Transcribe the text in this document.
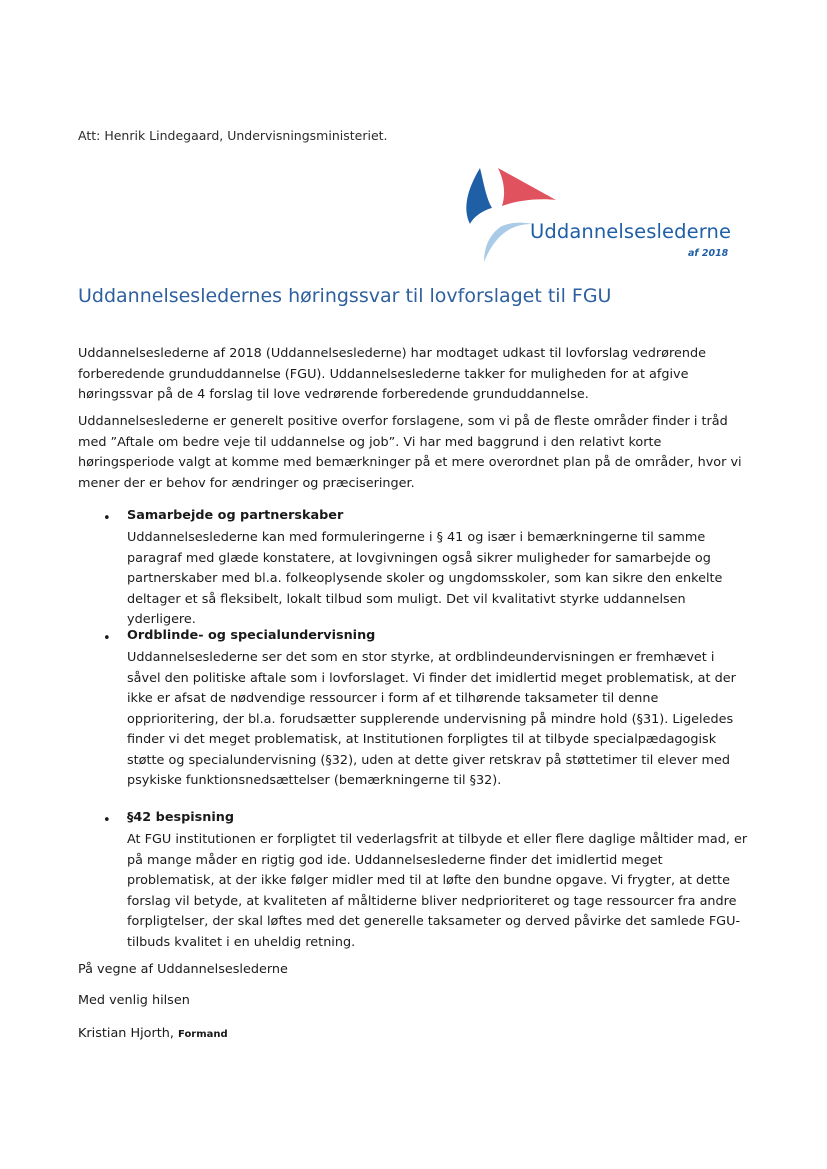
Att: Henrik Lindegaard, Undervisningsministeriet.
Uddannelseslederne
af 2018
Uddannelsesledernes høringssvar til lovforslaget til FGU

Uddannelseslederne af 2018 (Uddannelseslederne) har modtaget udkast til lovforslag vedrørende forberedende grunduddannelse (FGU). Uddannelseslederne takker for muligheden for at afgive høringssvar på de 4 forslag til love vedrørende forberedende grunduddannelse.

Uddannelseslederne er generelt positive overfor forslagene, som vi på de fleste områder finder i tråd med ”Aftale om bedre veje til uddannelse og job”. Vi har med baggrund i den relativt korte høringsperiode valgt at komme med bemærkninger på et mere overordnet plan på de områder, hvor vi mener der er behov for ændringer og præciseringer.

• Samarbejde og partnerskaber

Uddannelseslederne kan med formuleringerne i § 41 og især i bemærkningerne til samme paragraf med glæde konstatere, at lovgivningen også sikrer muligheder for samarbejde og partnerskaber med bl.a. folkeoplysende skoler og ungdomsskoler, som kan sikre den enkelte deltager et så fleksibelt, lokalt tilbud som muligt. Det vil kvalitativt styrke uddannelsen yderligere.

• Ordblinde- og specialundervisning

Uddannelseslederne ser det som en stor styrke, at ordblindeundervisningen er fremhævet i såvel den politiske aftale som i lovforslaget. Vi finder det imidlertid meget problematisk, at der ikke er afsat de nødvendige ressourcer i form af et tilhørende taksameter til denne opprioritering, der bl.a. forudsætter supplerende undervisning på mindre hold (§31). Ligeledes finder vi det meget problematisk, at Institutionen forpligtes til at tilbyde specialpædagogisk støtte og specialundervisning (§32), uden at dette giver retskrav på støttetimer til elever med psykiske funktionsnedsættelser (bemærkningerne til §32).

• §42 bespisning

At FGU institutionen er forpligtet til vederlagsfrit at tilbyde et eller flere daglige måltider mad, er på mange måder en rigtig god ide. Uddannelseslederne finder det imidlertid meget problematisk, at der ikke følger midler med til at løfte den bundne opgave. Vi frygter, at dette forslag vil betyde, at kvaliteten af måltiderne bliver nedprioriteret og tage ressourcer fra andre forpligtelser, der skal løftes med det generelle taksameter og derved påvirke det samlede FGU-tilbuds kvalitet i en uheldig retning.

På vegne af Uddannelseslederne
Med venlig hilsen
Kristian Hjorth, Formand
